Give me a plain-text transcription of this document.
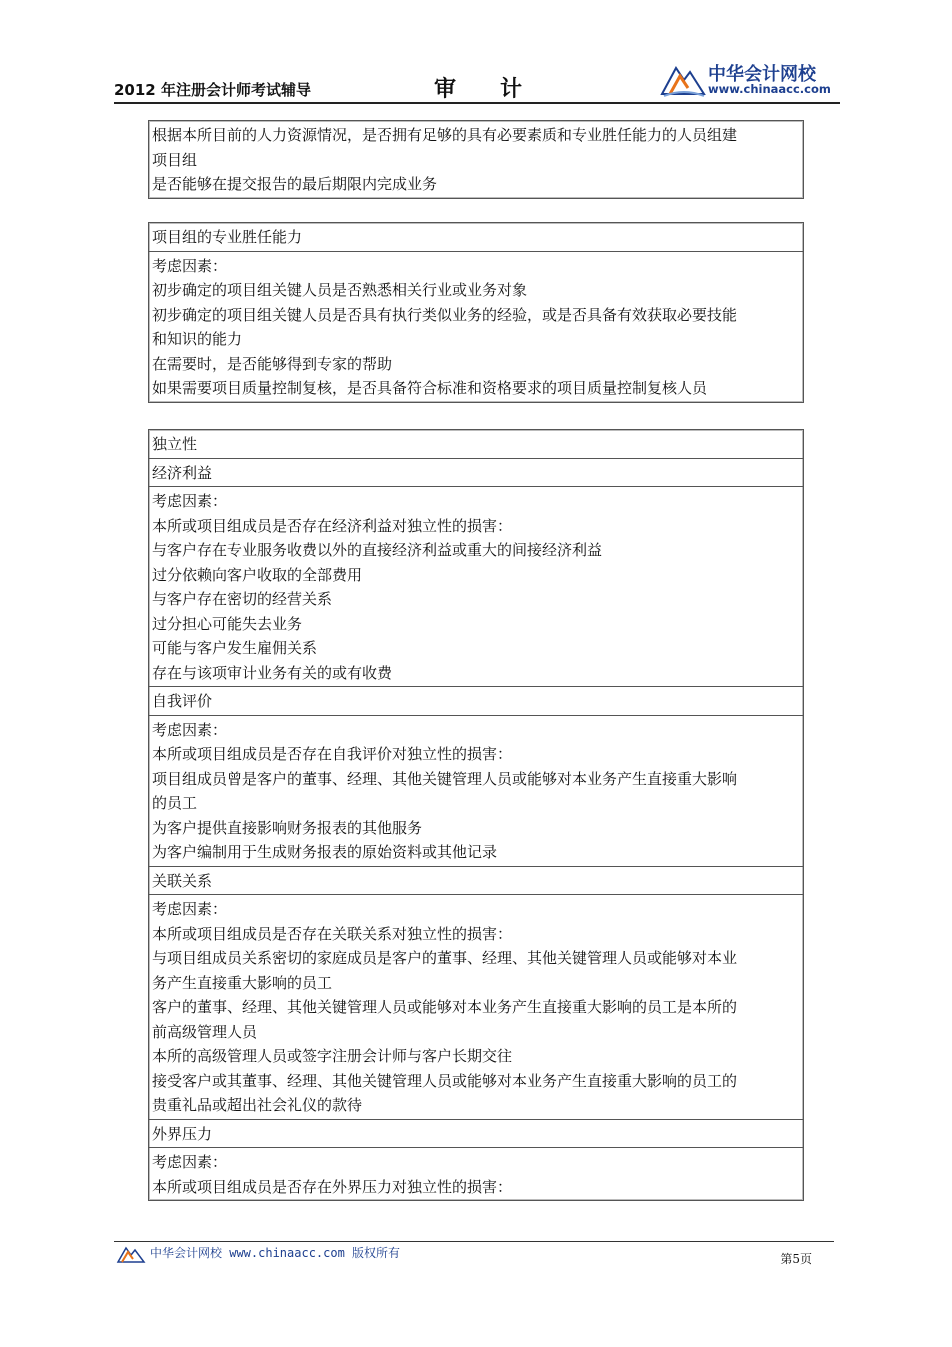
2012 年注册会计师考试辅导	审计
中华会计网校
www.chinaacc.com
根据本所目前的人力资源情况，是否拥有足够的具有必要素质和专业胜任能力的人员组建
项目组
是否能够在提交报告的最后期限内完成业务
项目组的专业胜任能力
考虑因素：
初步确定的项目组关键人员是否熟悉相关行业或业务对象
初步确定的项目组关键人员是否具有执行类似业务的经验，或是否具备有效获取必要技能
和知识的能力
在需要时，是否能够得到专家的帮助
如果需要项目质量控制复核，是否具备符合标准和资格要求的项目质量控制复核人员
独立性
经济利益
考虑因素：
本所或项目组成员是否存在经济利益对独立性的损害：
与客户存在专业服务收费以外的直接经济利益或重大的间接经济利益
过分依赖向客户收取的全部费用
与客户存在密切的经营关系
过分担心可能失去业务
可能与客户发生雇佣关系
存在与该项审计业务有关的或有收费
自我评价
考虑因素：
本所或项目组成员是否存在自我评价对独立性的损害：
项目组成员曾是客户的董事、经理、其他关键管理人员或能够对本业务产生直接重大影响
的员工
为客户提供直接影响财务报表的其他服务
为客户编制用于生成财务报表的原始资料或其他记录
关联关系
考虑因素：
本所或项目组成员是否存在关联关系对独立性的损害：
与项目组成员关系密切的家庭成员是客户的董事、经理、其他关键管理人员或能够对本业
务产生直接重大影响的员工
客户的董事、经理、其他关键管理人员或能够对本业务产生直接重大影响的员工是本所的
前高级管理人员
本所的高级管理人员或签字注册会计师与客户长期交往
接受客户或其董事、经理、其他关键管理人员或能够对本业务产生直接重大影响的员工的
贵重礼品或超出社会礼仪的款待
外界压力
考虑因素：
本所或项目组成员是否存在外界压力对独立性的损害：
中华会计网校 www.chinaacc.com 版权所有	第5页
